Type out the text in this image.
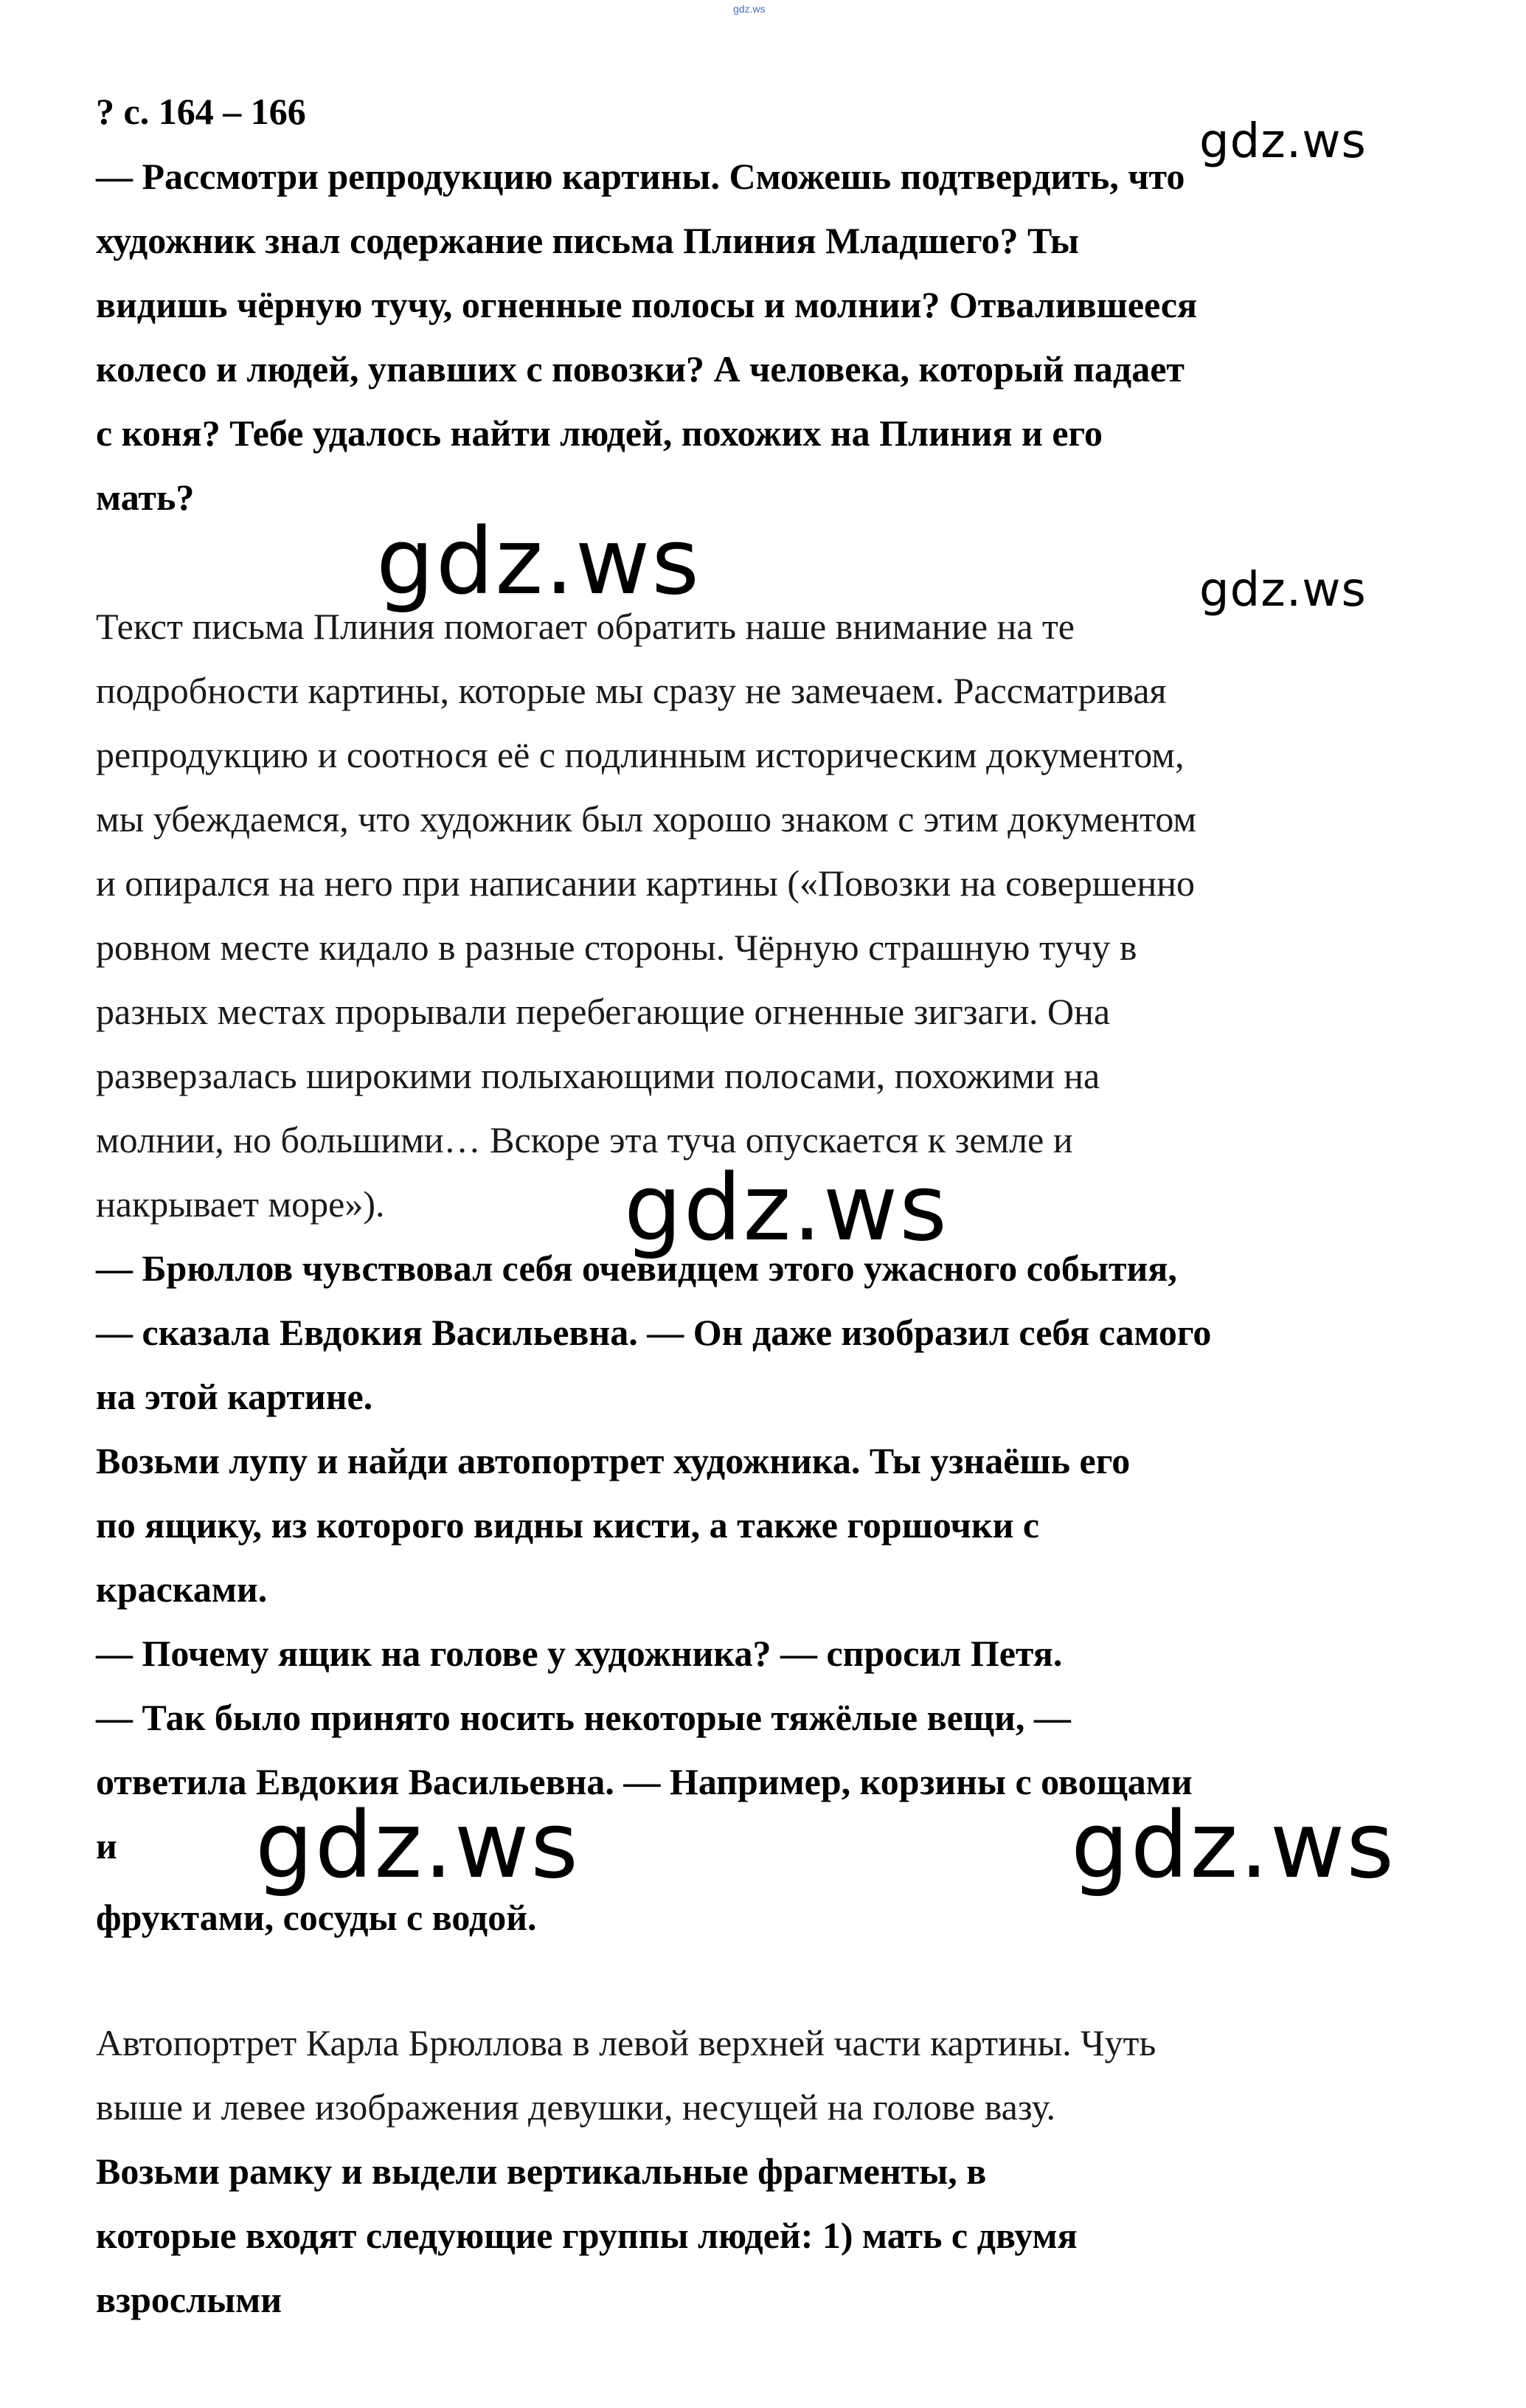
gdz.ws
gdz.ws
gdz.ws	gdz.ws
gdz.ws
gdz.ws	gdz.ws
? с. 164 – 166
— Рассмотри репродукцию картины. Сможешь подтвердить, что
художник знал содержание письма Плиния Младшего? Ты
видишь чёрную тучу, огненные полосы и молнии? Отвалившееся
колесо и людей, упавших с повозки? А человека, который падает
с коня? Тебе удалось найти людей, похожих на Плиния и его
мать?
Текст письма Плиния помогает обратить наше внимание на те
подробности картины, которые мы сразу не замечаем. Рассматривая
репродукцию и соотнося её с подлинным историческим документом,
мы убеждаемся, что художник был хорошо знаком с этим документом
и опирался на него при написании картины («Повозки на совершенно
ровном месте кидало в разные стороны. Чёрную страшную тучу в
разных местах прорывали перебегающие огненные зигзаги. Она
разверзалась широкими полыхающими полосами, похожими на
молнии, но большими… Вскоре эта туча опускается к земле и
накрывает море»).
— Брюллов чувствовал себя очевидцем этого ужасного события,
— сказала Евдокия Васильевна. — Он даже изобразил себя самого
на этой картине.
Возьми лупу и найди автопортрет художника. Ты узнаёшь его
по ящику, из которого видны кисти, а также горшочки с
красками.
— Почему ящик на голове у художника? — спросил Петя.
— Так было принято носить некоторые тяжёлые вещи, —
ответила Евдокия Васильевна. — Например, корзины с овощами
и
фруктами, сосуды с водой.
Автопортрет Карла Брюллова в левой верхней части картины. Чуть
выше и левее изображения девушки, несущей на голове вазу.
Возьми рамку и выдели вертикальные фрагменты, в
которые входят следующие группы людей: 1) мать с двумя
взрослыми
